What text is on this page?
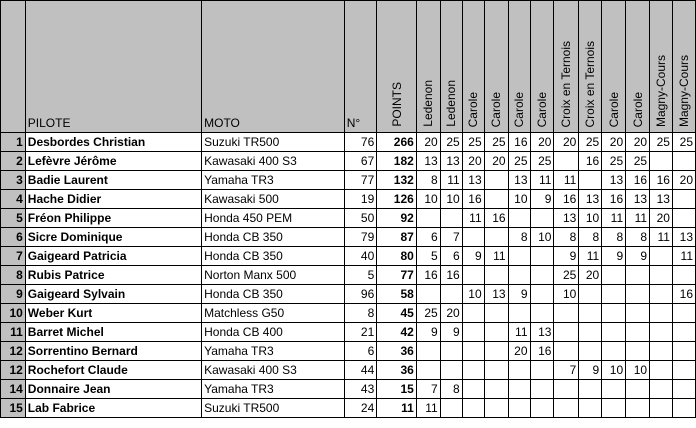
	PILOTE	MOTO	N°	POINTS	Ledenon	Ledenon	Carole	Carole	Carole	Carole	Croix en Ternois	Croix en Ternois	Carole	Carole	Magny-Cours	Magny-Cours
1	Desbordes Christian	Suzuki TR500	76	266	20	25	25	25	16	20	20	25	20	20	25	25
2	Lefèvre Jérôme	Kawasaki 400 S3	67	182	13	13	20	20	25	25		16	25	25		
3	Badie Laurent	Yamaha TR3	77	132	8	11	13		13	11	11		13	16	16	20
4	Hache Didier	Kawasaki 500	19	126	10	10	16		10	9	16	13	16	13	13	
5	Fréon Philippe	Honda 450 PEM	50	92			11	16			13	10	11	11	20	
6	Sicre Dominique	Honda CB 350	79	87	6	7			8	10	8	8	8	8	11	13
7	Gaigeard Patricia	Honda CB 350	40	80	5	6	9	11			9	11	9	9		11
8	Rubis Patrice	Norton Manx 500	5	77	16	16					25	20				
9	Gaigeard Sylvain	Honda CB 350	96	58			10	13	9		10					16
10	Weber Kurt	Matchless G50	8	45	25	20										
11	Barret Michel	Honda CB 400	21	42	9	9			11	13						
12	Sorrentino Bernard	Yamaha TR3	6	36					20	16						
12	Rochefort Claude	Kawasaki 400 S3	44	36							7	9	10	10		
14	Donnaire Jean	Yamaha TR3	43	15	7	8										
15	Lab Fabrice	Suzuki TR500	24	11	11											
